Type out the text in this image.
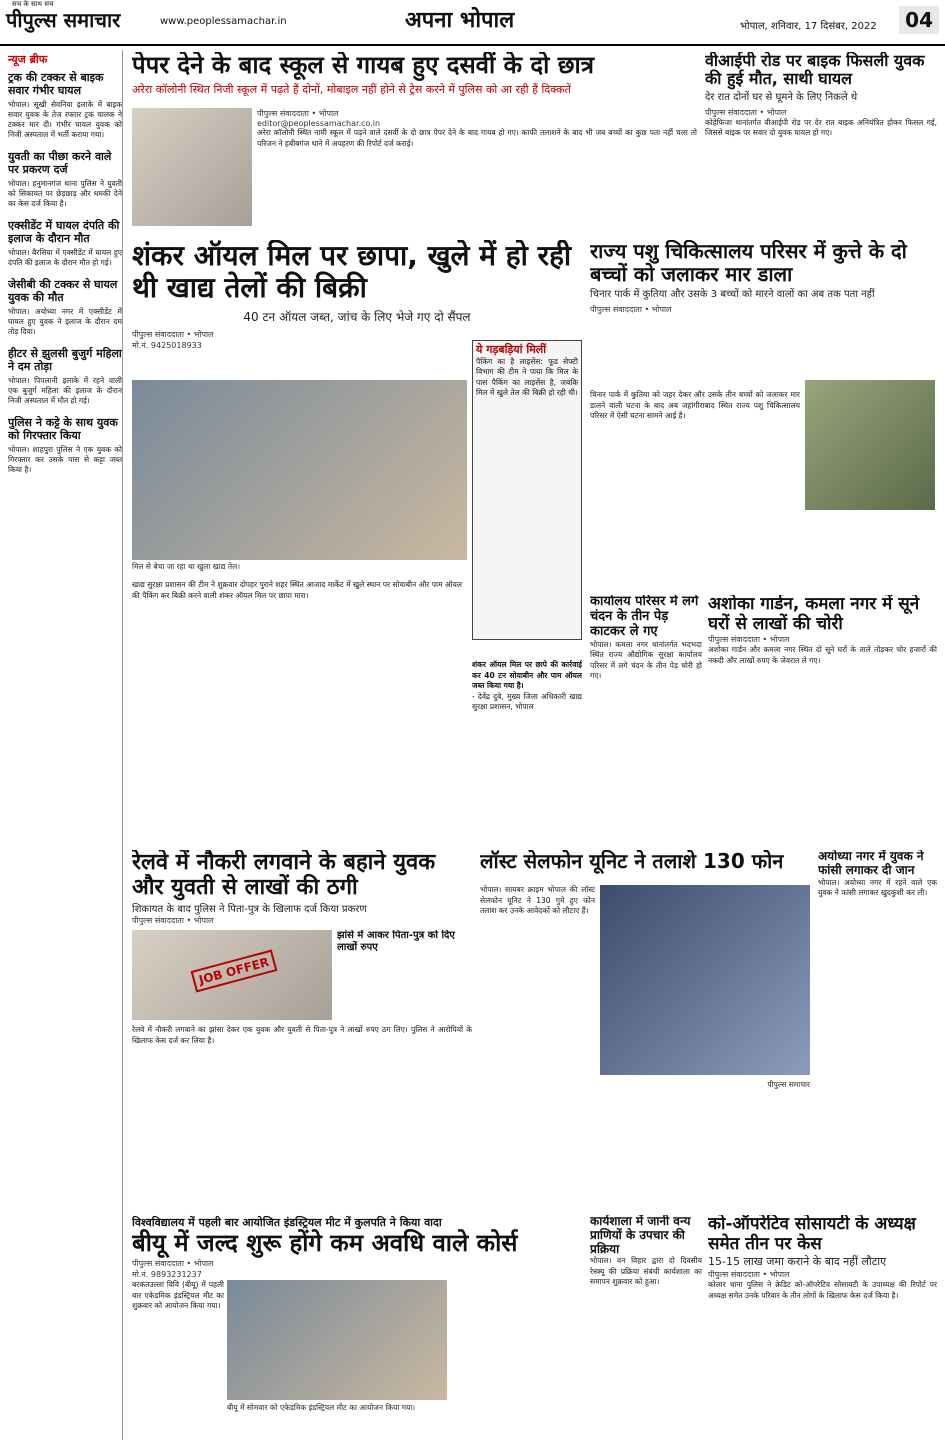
सच के साथ सच
पीपुल्स समाचार	www.peoplessamachar.in	अपना भोपाल	भोपाल, शनिवार, 17 दिसंबर, 2022	04
न्यूज ब्रीफ
ट्रक की टक्कर से बाइक सवार गंभीर घायल

भोपाल। सूखी सेवनिया इलाके में बाइक सवार युवक के तेज रफ्तार ट्रक चालक ने टक्कर मार दी। गंभीर घायल युवक को निजी अस्पताल में भर्ती कराया गया।

युवती का पीछा करने वाले पर प्रकरण दर्ज

भोपाल। हनुमानगंज थाना पुलिस ने युवती को सिकायत पर छेड़छाड़ और धमकी देने का केस दर्ज किया है।

एक्सीडेंट में घायल दंपति की इलाज के दौरान मौत

भोपाल। बैरसिया में एक्सीडेंट में घायल हुए दंपति की इलाज के दौरान मौत हो गई।

जेसीबी की टक्कर से घायल युवक की मौत

भोपाल। अयोध्या नगर में एक्सीडेंट में घायल हुए युवक ने इलाज के दौरान दम तोड़ दिया।

हीटर से झुलसी बुजुर्ग महिला ने दम तोड़ा

भोपाल। पिपलानी इलाके में रहने वाली एक बुजुर्ग महिला की इलाज के दौरान निजी अस्पताल में मौत हो गई।

पुलिस ने कट्टे के साथ युवक को गिरफ्तार किया

भोपाल। शाहपुरा पुलिस ने एक युवक को गिरफ्तार कर उसके पास से कट्टा जब्त किया है।

पेपर देने के बाद स्कूल से गायब हुए दसवीं के दो छात्र
अरेरा कॉलोनी स्थित निजी स्कूल में पढ़ते हैं दोनों, मोबाइल नहीं होने से ट्रेस करने में पुलिस को आ रही हैं दिक्कतें
पीपुल्स संवाददाता • भोपाल
editor@peoplessamachar.co.in
अरेरा कॉलोनी स्थित नामी स्कूल में पढ़ने वाले दसवीं के दो छात्र पेपर देने के बाद गायब हो गए। काफी तलाशने के बाद भी जब बच्चों का कुछ पता नहीं चला तो परिजन ने हबीबगंज थाने में अपहरण की रिपोर्ट दर्ज कराई।
वीआईपी रोड पर बाइक फिसली युवक की हुई मौत, साथी घायल
देर रात दोनों घर से घूमने के लिए निकले थे
पीपुल्स संवाददाता • भोपाल
कोहेफिजा थानांतर्गत वीआईपी रोड पर देर रात बाइक अनियंत्रित होकर फिसल गई, जिससे बाइक पर सवार दो युवक घायल हो गए।
शंकर ऑयल मिल पर छापा, खुले में हो रही थी खाद्य तेलों की बिक्री
40 टन ऑयल जब्त, जांच के लिए भेजे गए दो सैंपल
पीपुल्स संवाददाता • भोपाल
मो.नं. 9425018933
मिल से बेचा जा रहा था खुला खाद्य तेल।
खाद्य सुरक्षा प्रशासन की टीम ने शुक्रवार दोपहर पुराने शहर स्थित आजाद मार्केट में खुले स्थान पर सोयाबीन और पाम ऑयल की पैकिंग कर बिक्री करने वाली शंकर ऑयल मिल पर छापा मारा।
ये गड़बड़ियां मिलीं
पैकिंग का है लाइसेंस: फूड सेफ्टी विभाग की टीम ने पाया कि मिल के पास पैकिंग का लाइसेंस है, जबकि मिल में खुले तेल की बिक्री हो रही थी।
शंकर ऑयल मिल पर छापे की कार्रवाई कर 40 टन सोयाबीन और पाम ऑयल जब्त किया गया है।
- देवेंद्र दुबे, मुख्य जिला अधिकारी खाद्य सुरक्षा प्रशासन, भोपाल
राज्य पशु चिकित्सालय परिसर में कुत्ते के दो बच्चों को जलाकर मार डाला
चिनार पार्क में कुतिया और उसके 3 बच्चों को मारने वालों का अब तक पता नहीं
पीपुल्स संवाददाता • भोपाल
चिनार पार्क में कुतिया को जहर देकर और उसके तीन बच्चों को जलाकर मार डालने वाली घटना के बाद अब जहांगीराबाद स्थित राज्य पशु चिकित्सालय परिसर में ऐसी घटना सामने आई है।
कार्यालय परिसर में लगे चंदन के तीन पेड़ काटकर ले गए
भोपाल। कमला नगर थानांतर्गत भदभदा स्थित राज्य औद्योगिक सुरक्षा कार्यालय परिसर में लगे चंदन के तीन पेड़ चोरी हो गए।
अशोका गार्डन, कमला नगर में सूने घरों से लाखों की चोरी
पीपुल्स संवाददाता • भोपाल
अशोका गार्डन और कमला नगर स्थित दो सूने घरों के ताले तोड़कर चोर हजारों की नकदी और लाखों रुपए के जेवरात ले गए।
रेलवे में नौकरी लगवाने के बहाने युवक और युवती से लाखों की ठगी
शिकायत के बाद पुलिस ने पिता-पुत्र के खिलाफ दर्ज किया प्रकरण
पीपुल्स संवाददाता • भोपाल
JOB OFFER
झांसे में आकर पिता-पुत्र को दिए लाखों रुपए
रेलवे में नौकरी लगवाने का झांसा देकर एक युवक और युवती से पिता-पुत्र ने लाखों रुपए ठग लिए। पुलिस ने आरोपियों के खिलाफ केस दर्ज कर लिया है।
लॉस्ट सेलफोन यूनिट ने तलाशे 130 फोन
भोपाल। सायबर क्राइम भोपाल की लॉस्ट सेलफोन यूनिट ने 130 गुमे हुए फोन तलाश कर उनके आवेदकों को लौटाए हैं।
पीपुल्स समाचार
अयोध्या नगर में युवक ने फांसी लगाकर दी जान
भोपाल। अयोध्या नगर में रहने वाले एक युवक ने फांसी लगाकर खुदकुशी कर ली।
विश्वविद्यालय में पहली बार आयोजित इंडस्ट्रियल मीट में कुलपति ने किया वादा
बीयू में जल्द शुरू होंगे कम अवधि वाले कोर्स
पीपुल्स संवाददाता • भोपाल
मो.नं. 9893231237
बीयू में सोमवार को एकेडमिक इंडस्ट्रियल मीट का आयोजन किया गया।
बरकतउल्ला विवि (बीयू) में पहली बार एकेडमिक इंडस्ट्रियल मीट का शुक्रवार को आयोजन किया गया।
कार्यशाला में जानी वन्य प्राणियों के उपचार की प्रक्रिया
भोपाल। वन विहार द्वारा दो दिवसीय रेस्क्यू की प्रक्रिया संबंधी कार्यशाला का समापन शुक्रवार को हुआ।
को-ऑपरेटिव सोसायटी के अध्यक्ष समेत तीन पर केस
15-15 लाख जमा कराने के बाद नहीं लौटाए
पीपुल्स संवाददाता • भोपाल
कोलार थाना पुलिस ने क्रेडिट को-ऑपरेटिव सोसायटी के उपाध्यक्ष की रिपोर्ट पर अध्यक्ष समेत उनके परिवार के तीन लोगों के खिलाफ केस दर्ज किया है।
